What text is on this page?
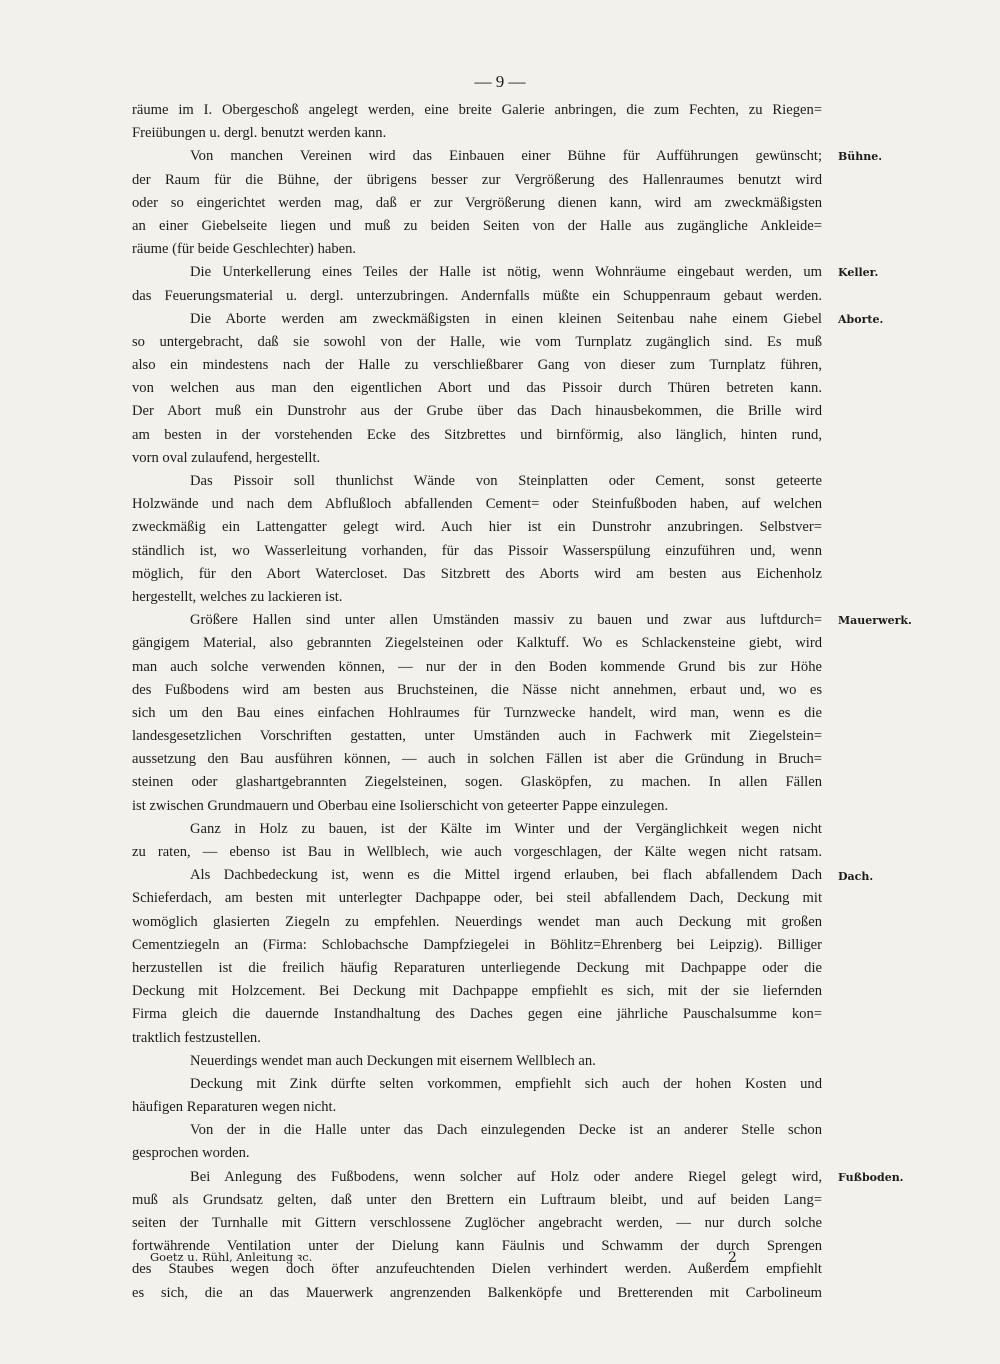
— 9 —
räume im I. Obergeschoß angelegt werden, eine breite Galerie anbringen, die zum Fechten, zu Riegen=
Freiübungen u. dergl. benutzt werden kann.
Von manchen Vereinen wird das Einbauen einer Bühne für Aufführungen gewünscht;
der Raum für die Bühne, der übrigens besser zur Vergrößerung des Hallenraumes benutzt wird
oder so eingerichtet werden mag, daß er zur Vergrößerung dienen kann, wird am zweckmäßigsten
an einer Giebelseite liegen und muß zu beiden Seiten von der Halle aus zugängliche Ankleide=
räume (für beide Geschlechter) haben.
Die Unterkellerung eines Teiles der Halle ist nötig, wenn Wohnräume eingebaut werden, um
das Feuerungsmaterial u. dergl. unterzubringen. Andernfalls müßte ein Schuppenraum gebaut werden.
Die Aborte werden am zweckmäßigsten in einen kleinen Seitenbau nahe einem Giebel
so untergebracht, daß sie sowohl von der Halle, wie vom Turnplatz zugänglich sind. Es muß
also ein mindestens nach der Halle zu verschließbarer Gang von dieser zum Turnplatz führen,
von welchen aus man den eigentlichen Abort und das Pissoir durch Thüren betreten kann.
Der Abort muß ein Dunstrohr aus der Grube über das Dach hinausbekommen, die Brille wird
am besten in der vorstehenden Ecke des Sitzbrettes und birnförmig, also länglich, hinten rund,
vorn oval zulaufend, hergestellt.
Das Pissoir soll thunlichst Wände von Steinplatten oder Cement, sonst geteerte
Holzwände und nach dem Abflußloch abfallenden Cement= oder Steinfußboden haben, auf welchen
zweckmäßig ein Lattengatter gelegt wird. Auch hier ist ein Dunstrohr anzubringen. Selbstver=
ständlich ist, wo Wasserleitung vorhanden, für das Pissoir Wasserspülung einzuführen und, wenn
möglich, für den Abort Watercloset. Das Sitzbrett des Aborts wird am besten aus Eichenholz
hergestellt, welches zu lackieren ist.
Größere Hallen sind unter allen Umständen massiv zu bauen und zwar aus luftdurch=
gängigem Material, also gebrannten Ziegelsteinen oder Kalktuff. Wo es Schlackensteine giebt, wird
man auch solche verwenden können, — nur der in den Boden kommende Grund bis zur Höhe
des Fußbodens wird am besten aus Bruchsteinen, die Nässe nicht annehmen, erbaut und, wo es
sich um den Bau eines einfachen Hohlraumes für Turnzwecke handelt, wird man, wenn es die
landesgesetzlichen Vorschriften gestatten, unter Umständen auch in Fachwerk mit Ziegelstein=
aussetzung den Bau ausführen können, — auch in solchen Fällen ist aber die Gründung in Bruch=
steinen oder glashartgebrannten Ziegelsteinen, sogen. Glasköpfen, zu machen. In allen Fällen
ist zwischen Grundmauern und Oberbau eine Isolierschicht von geteerter Pappe einzulegen.
Ganz in Holz zu bauen, ist der Kälte im Winter und der Vergänglichkeit wegen nicht
zu raten, — ebenso ist Bau in Wellblech, wie auch vorgeschlagen, der Kälte wegen nicht ratsam.
Als Dachbedeckung ist, wenn es die Mittel irgend erlauben, bei flach abfallendem Dach
Schieferdach, am besten mit unterlegter Dachpappe oder, bei steil abfallendem Dach, Deckung mit
womöglich glasierten Ziegeln zu empfehlen. Neuerdings wendet man auch Deckung mit großen
Cementziegeln an (Firma: Schlobachsche Dampfziegelei in Böhlitz=Ehrenberg bei Leipzig). Billiger
herzustellen ist die freilich häufig Reparaturen unterliegende Deckung mit Dachpappe oder die
Deckung mit Holzcement. Bei Deckung mit Dachpappe empfiehlt es sich, mit der sie liefernden
Firma gleich die dauernde Instandhaltung des Daches gegen eine jährliche Pauschalsumme kon=
traktlich festzustellen.
Neuerdings wendet man auch Deckungen mit eisernem Wellblech an.
Deckung mit Zink dürfte selten vorkommen, empfiehlt sich auch der hohen Kosten und
häufigen Reparaturen wegen nicht.
Von der in die Halle unter das Dach einzulegenden Decke ist an anderer Stelle schon
gesprochen worden.
Bei Anlegung des Fußbodens, wenn solcher auf Holz oder andere Riegel gelegt wird,
muß als Grundsatz gelten, daß unter den Brettern ein Luftraum bleibt, und auf beiden Lang=
seiten der Turnhalle mit Gittern verschlossene Zuglöcher angebracht werden, — nur durch solche
fortwährende Ventilation unter der Dielung kann Fäulnis und Schwamm der durch Sprengen
des Staubes wegen doch öfter anzufeuchtenden Dielen verhindert werden. Außerdem empfiehlt
es sich, die an das Mauerwerk angrenzenden Balkenköpfe und Bretterenden mit Carbolineum
Bühne.
Keller.
Aborte.
Mauerwerk.
Dach.
Fußboden.
Goetz u. Rühl, Anleitung ꝛc.	2
